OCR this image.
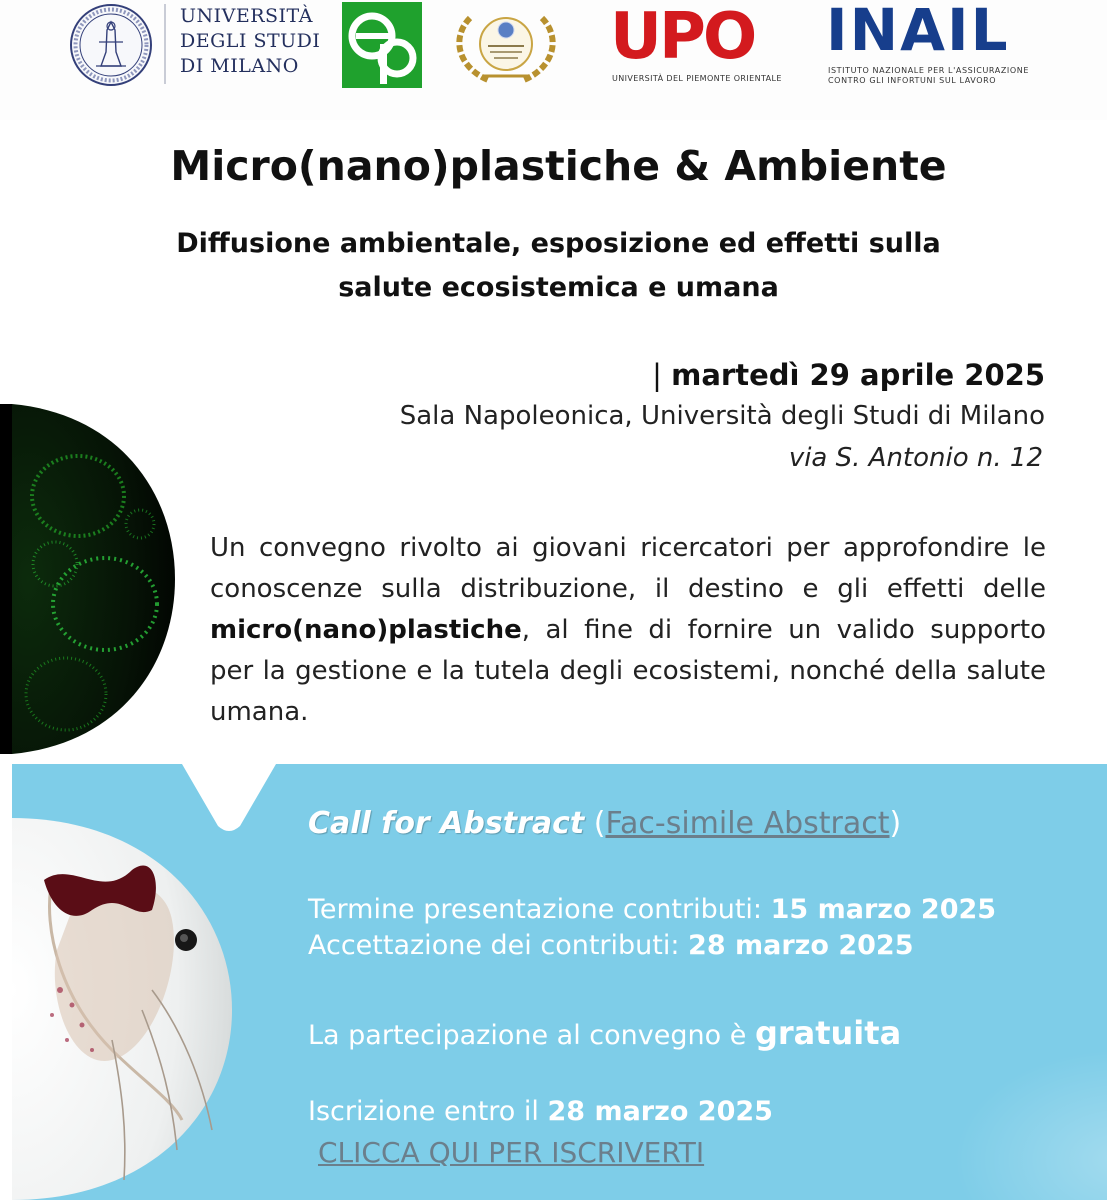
UNIVERSITÀ
DEGLI STUDI
DI MILANO	UPO
UNIVERSITÀ DEL PIEMONTE ORIENTALE
INAIL
ISTITUTO NAZIONALE PER L'ASSICURAZIONE
CONTRO GLI INFORTUNI SUL LAVORO
Micro(nano)plastiche & Ambiente
Diffusione ambientale, esposizione ed effetti sulla
salute ecosistemica e umana
| martedì 29 aprile 2025
Sala Napoleonica, Università degli Studi di Milano
via S. Antonio n. 12
Un convegno rivolto ai giovani ricercatori per approfondire le conoscenze sulla distribuzione, il destino e gli effetti delle micro(nano)plastiche, al fine di fornire un valido supporto per la gestione e la tutela degli ecosistemi, nonché della salute umana.
Call for Abstract (Fac-simile Abstract)
Termine presentazione contributi: 15 marzo 2025
Accettazione dei contributi: 28 marzo 2025
La partecipazione al convegno è gratuita
Iscrizione entro il 28 marzo 2025
CLICCA QUI PER ISCRIVERTI
